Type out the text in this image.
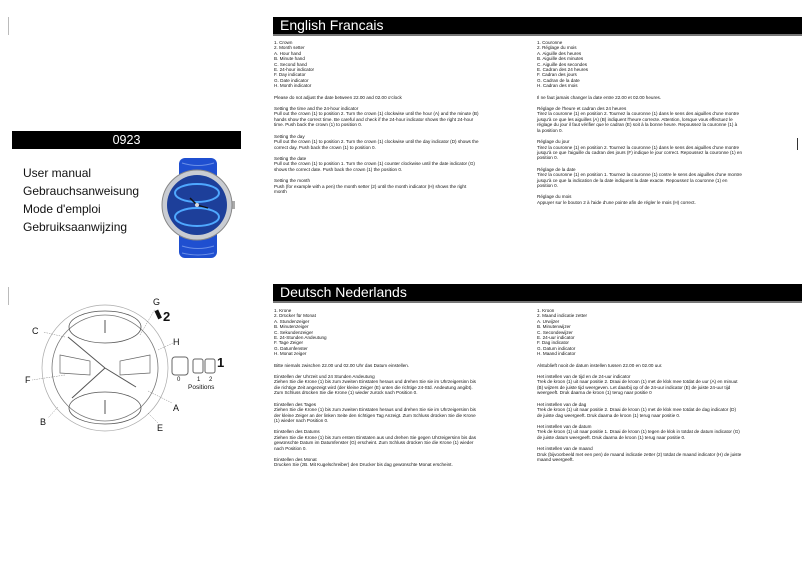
0923
User manual
Gebrauchsanweisung
Mode d'emploi
Gebruiksaanwijzing
A
B
C
E
F
G
H
1
2
0	1 2
Positions
English Francais
Deutsch Nederlands
1. Crown
2. Month setter
A. Hour hand
B. Minute hand
C. Second hand
E. 24-hour indicator
F. Day indicator
G. Date indicator
H. Month indicator
Please do not adjust the date between 22.00 and 02.00 o'clock
Setting the time and the 24-hour indicator
Pull out the crown (1) to position 2. Turn the crown (1) clockwise until the hour (A) and the minute (B) hands show the correct time. Be careful and check if the 24-hour indicator shows the right 24-hour time. Push back the crown (1) to position 0.
Setting the day
Pull out the crown (1) to position 2. Turn the crown (1) clockwise until the day indicator (D) shows the correct day. Push back the crown (1) to position 0.
Setting the date
Pull out the crown (1) to position 1. Turn the crown (1) counter clockwise until the date indicator (G) shows the correct date. Push back the crown (1) the position 0.
Setting the month
Push (for example with a pen) the month setter (2) until the month indicator (H) shows the right month
1. Couronne
2. Réglage du mois
A. Aiguille des heures
B. Aiguille des minutes
C. Aiguille des secondes
E. Cadran des 24 heures
F. Cadran des jours
G. Cadran de la date
H. Cadran des mois
Il ne faut jamais changer la date entre 22.00 et 02.00 heures.
Réglage de l'heure et cadran des 24 heures
Tirez la couronne (1) en position 2. Tournez la couronne (1) dans le sens des aiguilles d'une montre jusqu'à ce que les aiguilles (A) (B) indiquent l'heure correcte. Attention, lorsque vous effectuez le réglage du jour il faut vérifier que le cadran (E) soit à la bonne heure. Repoussez la couronne (1) à la position 0.
Réglage du jour
Tirez la couronne (1) en position 2. Tournez la couronne (1) dans le sens des aiguilles d'une montre jusqu'à ce que l'aiguille du cadran des jours (F) indique le jour correct. Repoussez la couronne (1) en position 0.
Réglage de la date
Tirez la couronne (1) en position 1. Tournez la couronne (1) contre le sens des aiguilles d'une montre jusqu'à ce que la indication de la date indiquent la date exacte. Repoussez la couronne (1) en position 0.
Réglage du mois
Appuyer sur le bouton 2 à l'aide d'une pointe afin de régler le mois (H) correct.
1. Krone
2. Drücker für Monat
A. Stundenzeiger
B. Minutenzeiger
C. Sekundenzeiger
E. 24-Stunden Andeutung
F. Tage Zeiger
G. Datumfenster
H. Monat zeiger
Bitte niemals zwischen 22.00 und 02.00 Uhr das Datum einstellen.
Einstellen der Uhrzeit und 24 Stunden Andeutung
Ziehen Sie die Krone (1) bis zum zweiten Einstaten heraus und drehen Sie sie im Uhrzeigersinn bis die richtige Zeit angezeigt wird (der kleine Zeiger (E) unten die richtige 24-Std. Andeutung angibt). Zum Schluss drücken Sie die Krone (1) wieder zurück nach Position 0.
Einstellen des Tages
Ziehen Sie die Krone (1) bis zum zweiten Einstaten heraus und drehen Sie sie im Uhrzeigersinn bis der kleine Zeiger an der linken Seite den richtigen Tag Anzeigt. Zum Schluss drücken Sie die Krone (1) wieder nach Position 0.
Einstellen des Datums
Ziehen Sie die Krone (1) bis zum ersten Einstaten aus und drehen Sie gegen Uhrzeigersinn bis das gewünschte Datum im Datumfenster (G) erscheint. Zum Schluss drücken Sie die Krone (1) wieder nach Position 0.
Einstellen des Monat
Drucken Sie (zB. Mit Kugelschreiber) den Drucker bis dag gewünschte Monat erscheint.
1. Kroon
2. Maand indicatie zetter
A. Urwijzer
B. Minutenwijzer
C. Secondewijzer
E. 24-uur indicator
F. Dag indicator
G. Datum indicator
H. Maand indicator
Alstublieft nooit de datum instellen tussen 22.00 en 02.00 uur.
Het instellen van de tijd en de 24-uur indicator
Trek de kroon (1) uit naar positie 2. Draai de kroon (1) met de klok mee totdat de uur (A) en minuut (B) wijzers de juiste tijd weergeven. Let daarbij op of de 24-uur indicator (E) de juiste 24-uur tijd weergeeft. Druk daarna de kroon (1) terug naar positie 0
Het instellen van de dag
Trek de kroon (1) uit naar positie 2. Draai de kroon (1) met de klok mee totdat de dag indicator (D) de juiste dag weergeeft. Druk daarna de kroon (1) terug naar positie 0.
Het instellen van de datum
Trek de kroon (1) uit naar positie 1. Draai de kroon (1) tegen de klok in totdat de datum indicator (G) de juiste datum weergeeft. Druk daarna de kroon (1) terug naar positie 0.
Het instellen van de maand
Druk (bijvoorbeeld met een pen) de maand indicatie zetter (2) totdat de maand indicator (H) de juiste maand weergeeft.
